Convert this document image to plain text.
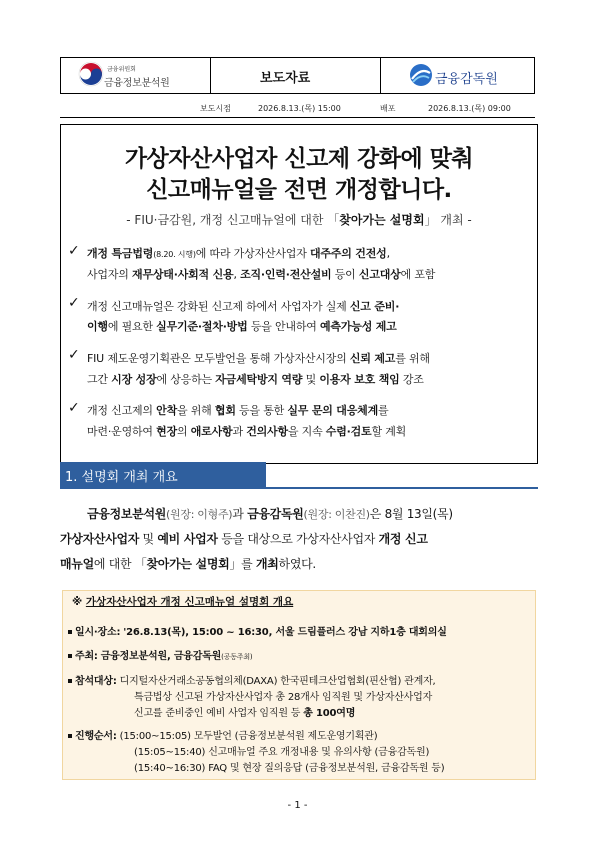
금융위원회
금융정보분석원	보도자료	금융감독원
보도시점	2026.8.13.(목) 15:00	배포	2026.8.13.(목) 09:00
가상자산사업자 신고제 강화에 맞춰
신고매뉴얼을 전면 개정합니다.
- FIU·금감원, 개정 신고매뉴얼에 대한 「찾아가는 설명회」 개최 -
✓ 개정 특금법령(8.20. 시행)에 따라 가상자산사업자 대주주의 건전성,
사업자의 재무상태·사회적 신용, 조직·인력·전산설비 등이 신고대상에 포함
✓ 개정 신고매뉴얼은 강화된 신고제 하에서 사업자가 실제 신고 준비·
이행에 필요한 실무기준·절차·방법 등을 안내하여 예측가능성 제고
✓ FIU 제도운영기획관은 모두발언을 통해 가상자산시장의 신뢰 제고를 위해
그간 시장 성장에 상응하는 자금세탁방지 역량 및 이용자 보호 책임 강조
✓ 개정 신고제의 안착을 위해 협회 등을 통한 실무 문의 대응체계를
마련·운영하여 현장의 애로사항과 건의사항을 지속 수렴·검토할 계획
1. 설명회 개최 개요
금융정보분석원(원장: 이형주)과 금융감독원(원장: 이찬진)은 8월 13일(목)
가상자산사업자 및 예비 사업자 등을 대상으로 가상자산사업자 개정 신고
매뉴얼에 대한 「찾아가는 설명회」를 개최하였다.
※ 가상자산사업자 개정 신고매뉴얼 설명회 개요
일시·장소: '26.8.13(목), 15:00 ~ 16:30, 서울 드림플러스 강남 지하1층 대회의실
주최: 금융정보분석원, 금융감독원(공동주최)
참석대상: 디지털자산거래소공동협의체(DAXA) 한국핀테크산업협회(핀산협) 관계자,
특금법상 신고된 가상자산사업자 총 28개사 임직원 및 가상자산사업자
신고를 준비중인 예비 사업자 임직원 등 총 100여명
진행순서: (15:00~15:05) 모두발언 (금융정보분석원 제도운영기획관)
(15:05~15:40) 신고매뉴얼 주요 개정내용 및 유의사항 (금융감독원)
(15:40~16:30) FAQ 및 현장 질의응답 (금융정보분석원, 금융감독원 등)
- 1 -
